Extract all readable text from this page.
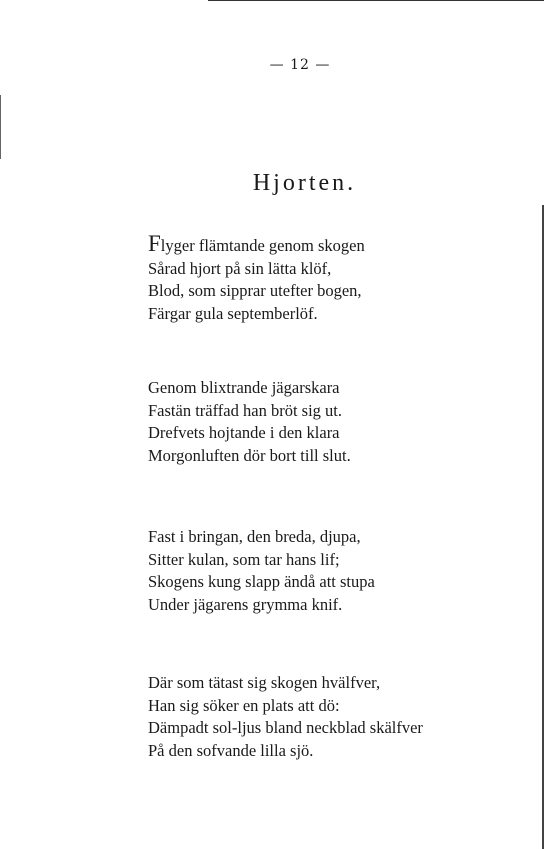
— 12 —
Hjorten.
Flyger flämtande genom skogen
Sårad hjort på sin lätta klöf,
Blod, som sipprar utefter bogen,
Färgar gula septemberlöf.
Genom blixtrande jägarskara
Fastän träffad han bröt sig ut.
Drefvets hojtande i den klara
Morgonluften dör bort till slut.
Fast i bringan, den breda, djupa,
Sitter kulan, som tar hans lif;
Skogens kung slapp ändå att stupa
Under jägarens grymma knif.
Där som tätast sig skogen hvälfver,
Han sig söker en plats att dö:
Dämpadt sol-ljus bland neckblad skälfver
På den sofvande lilla sjö.
